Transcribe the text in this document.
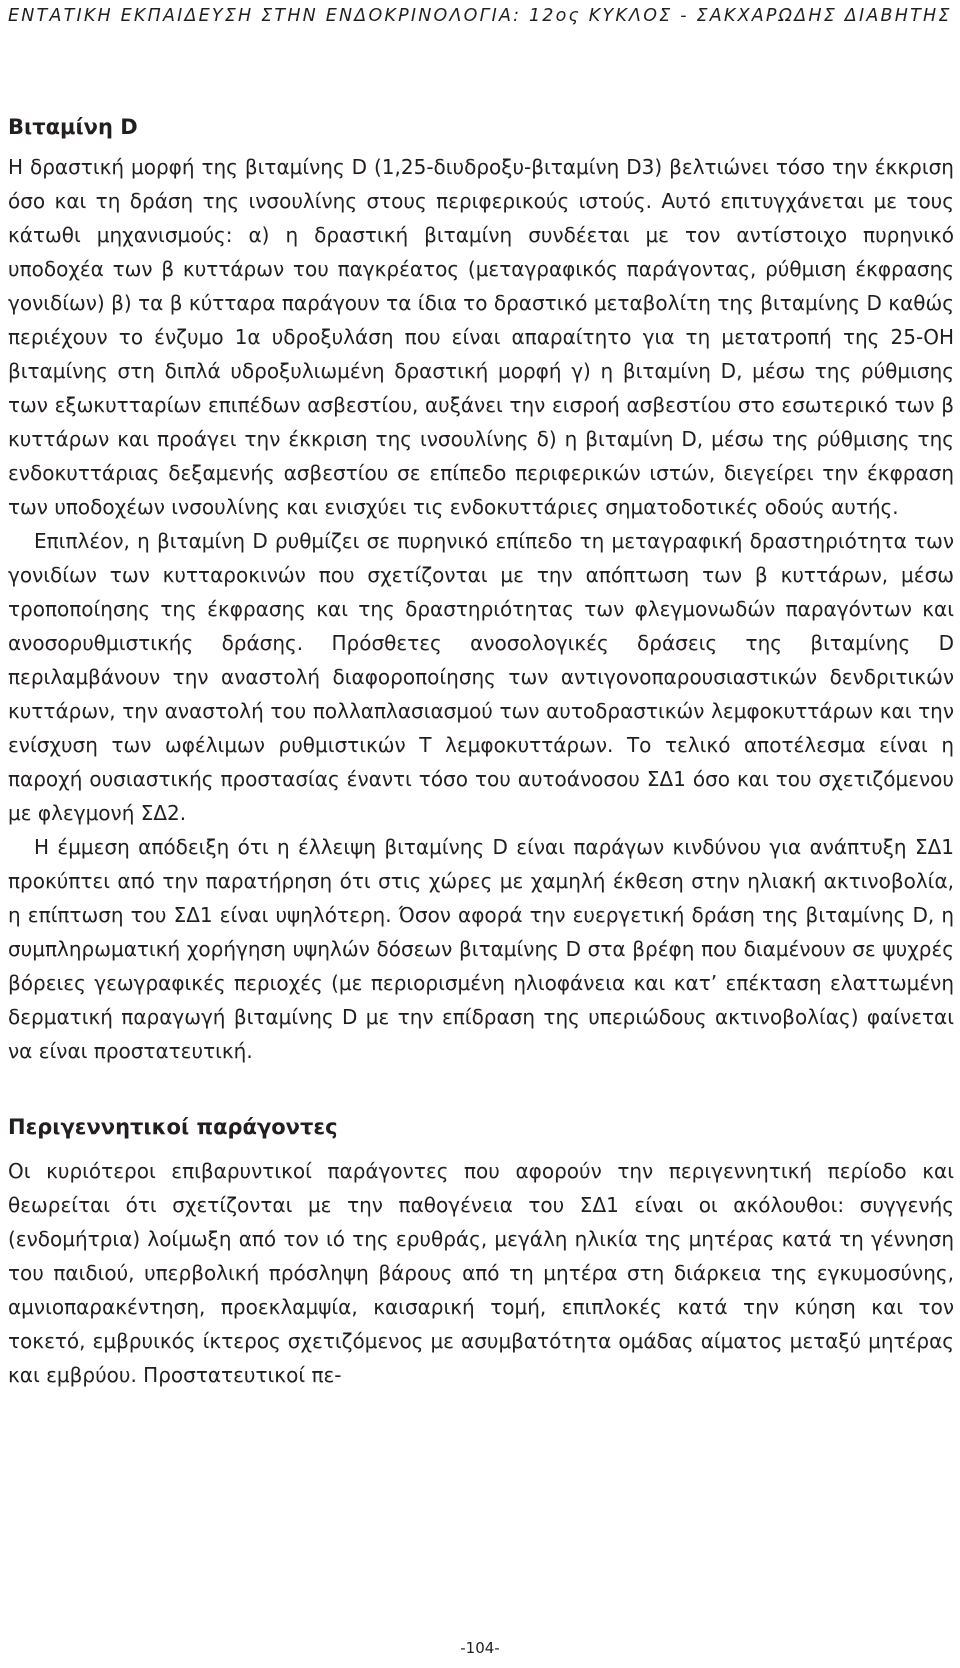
ΕΝΤΑΤΙΚΗ ΕΚΠΑΙΔΕΥΣΗ ΣΤΗΝ ΕΝΔΟΚΡΙΝΟΛΟΓΙΑ: 12ος ΚΥΚΛΟΣ - ΣΑΚΧΑΡΩΔΗΣ ΔΙΑΒΗΤΗΣ
Βιταμίνη D

Η δραστική μορφή της βιταμίνης D (1,25-διυδροξυ-βιταμίνη D3) βελτιώνει τόσο την έκκριση όσο και τη δράση της ινσουλίνης στους περιφερικούς ιστούς. Αυτό επιτυγχάνεται με τους κάτωθι μηχανισμούς: α) η δραστική βιταμίνη συνδέεται με τον αντίστοιχο πυρηνικό υποδοχέα των β κυττάρων του παγκρέατος (μεταγραφικός παράγοντας, ρύθμιση έκφρασης γονιδίων) β) τα β κύτταρα παράγουν τα ίδια το δραστικό μεταβολίτη της βιταμίνης D καθώς περιέχουν το ένζυμο 1α υδροξυλάση που είναι απαραίτητο για τη μετατροπή της 25-ΟΗ βιταμίνης στη διπλά υδροξυλιωμένη δραστική μορφή γ) η βιταμίνη D, μέσω της ρύθμισης των εξωκυτταρίων επιπέδων ασβεστίου, αυξάνει την εισροή ασβεστίου στο εσωτερικό των β κυττάρων και προάγει την έκκριση της ινσουλίνης δ) η βιταμίνη D, μέσω της ρύθμισης της ενδοκυττάριας δεξαμενής ασβεστίου σε επίπεδο περιφερικών ιστών, διεγείρει την έκφραση των υποδοχέων ινσουλίνης και ενισχύει τις ενδοκυττάριες σηματοδοτικές οδούς αυτής.

Επιπλέον, η βιταμίνη D ρυθμίζει σε πυρηνικό επίπεδο τη μεταγραφική δραστηριότητα των γονιδίων των κυτταροκινών που σχετίζονται με την απόπτωση των β κυττάρων, μέσω τροποποίησης της έκφρασης και της δραστηριότητας των φλεγμονωδών παραγόντων και ανοσορυθμιστικής δράσης. Πρόσθετες ανοσολογικές δράσεις της βιταμίνης D περιλαμβάνουν την αναστολή διαφοροποίησης των αντιγονοπαρουσιαστικών δενδριτικών κυττάρων, την αναστολή του πολλαπλασιασμού των αυτοδραστικών λεμφοκυττάρων και την ενίσχυση των ωφέλιμων ρυθμιστικών Τ λεμφοκυττάρων. Το τελικό αποτέλεσμα είναι η παροχή ουσιαστικής προστασίας έναντι τόσο του αυτοάνοσου ΣΔ1 όσο και του σχετιζόμενου με φλεγμονή ΣΔ2.

Η έμμεση απόδειξη ότι η έλλειψη βιταμίνης D είναι παράγων κινδύνου για ανάπτυξη ΣΔ1 προκύπτει από την παρατήρηση ότι στις χώρες με χαμηλή έκθεση στην ηλιακή ακτινοβολία, η επίπτωση του ΣΔ1 είναι υψηλότερη. Όσον αφορά την ευεργετική δράση της βιταμίνης D, η συμπληρωματική χορήγηση υψηλών δόσεων βιταμίνης D στα βρέφη που διαμένουν σε ψυχρές βόρειες γεωγραφικές περιοχές (με περιορισμένη ηλιοφάνεια και κατ’ επέκταση ελαττωμένη δερματική παραγωγή βιταμίνης D με την επίδραση της υπεριώδους ακτινοβολίας) φαίνεται να είναι προστατευτική.

Περιγεννητικοί παράγοντες

Οι κυριότεροι επιβαρυντικοί παράγοντες που αφορούν την περιγεννητική περίοδο και θεωρείται ότι σχετίζονται με την παθογένεια του ΣΔ1 είναι οι ακόλουθοι: συγγενής (ενδομήτρια) λοίμωξη από τον ιό της ερυθράς, μεγάλη ηλικία της μητέρας κατά τη γέννηση του παιδιού, υπερβολική πρόσληψη βάρους από τη μητέρα στη διάρκεια της εγκυμοσύνης, αμνιοπαρακέντηση, προεκλαμψία, καισαρική τομή, επιπλοκές κατά την κύηση και τον τοκετό, εμβρυικός ίκτερος σχετιζόμενος με ασυμβατότητα ομάδας αίματος μεταξύ μητέρας και εμβρύου. Προστατευτικοί πε-

-104-
